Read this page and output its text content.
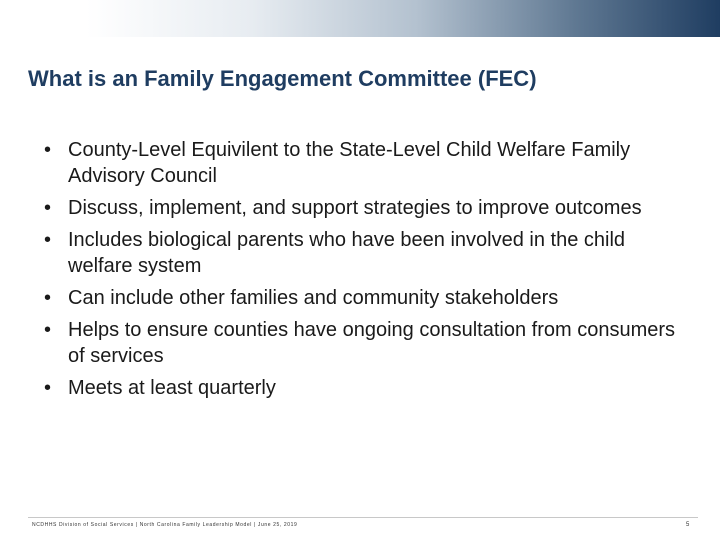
What is an Family Engagement Committee (FEC)
• County-Level Equivilent to the State-Level Child Welfare Family Advisory Council
• Discuss, implement, and support strategies to improve outcomes
• Includes biological parents who have been involved in the child welfare system
• Can include other families and community stakeholders
• Helps to ensure counties have ongoing consultation from consumers of services
• Meets at least quarterly
NCDHHS Division of Social Services | North Carolina Family Leadership Model | June 25, 2019	5
